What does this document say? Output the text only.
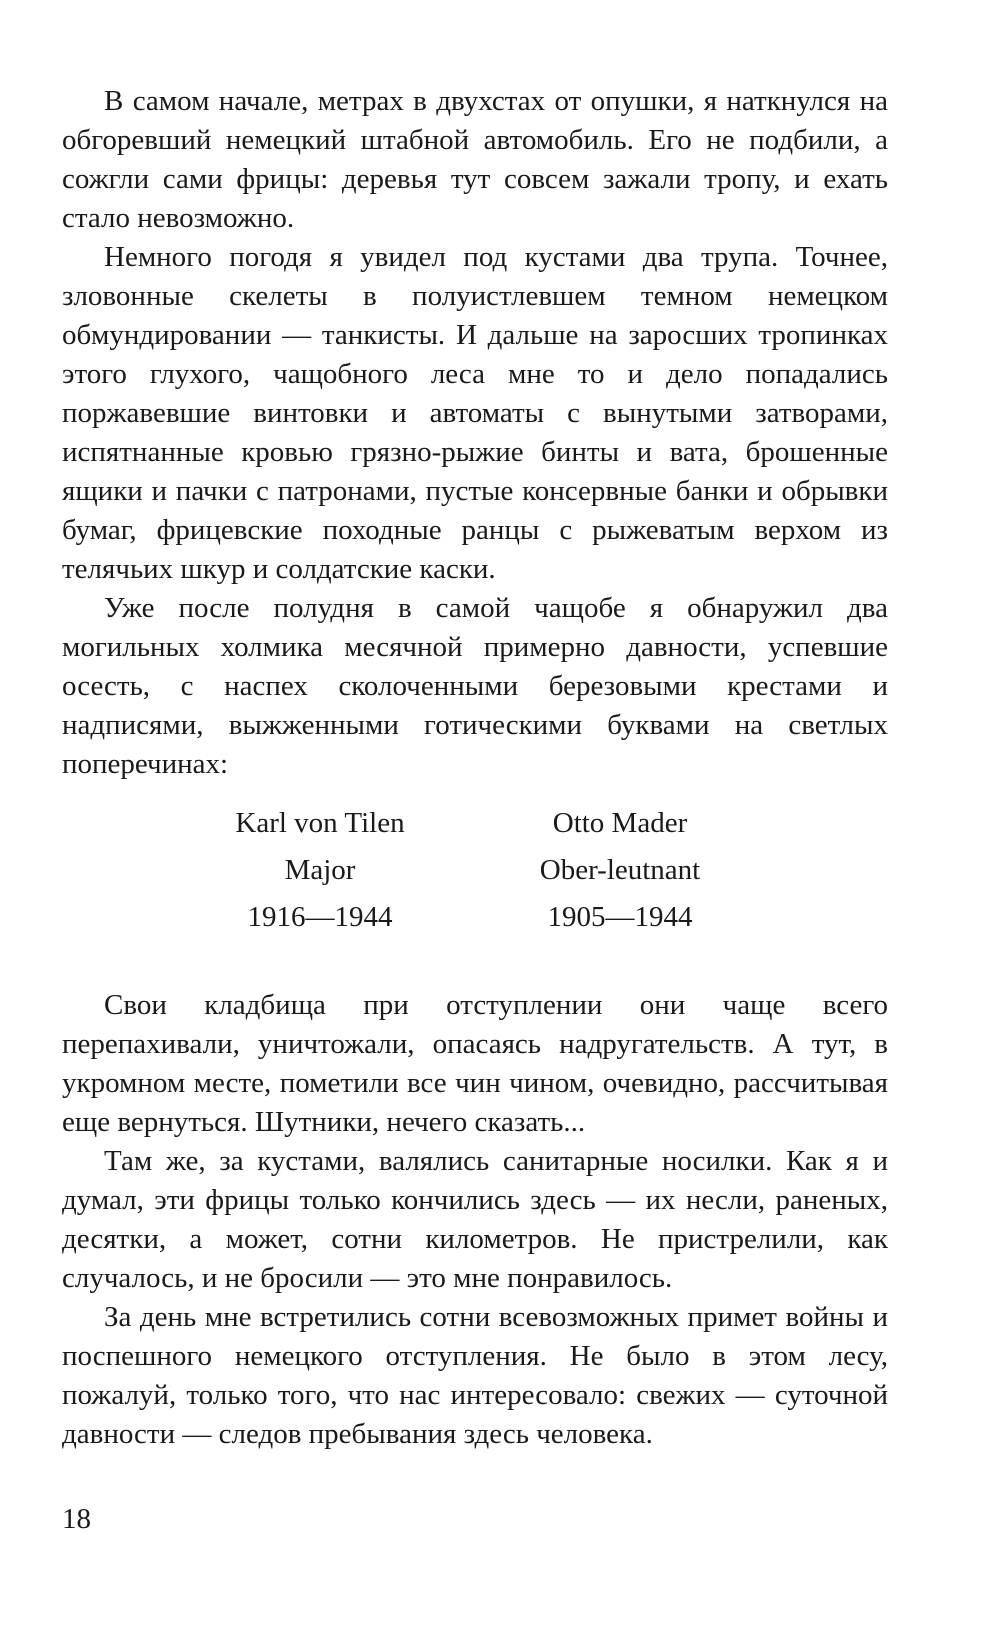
В самом начале, метрах в двухстах от опушки, я наткнулся на обгоревший немецкий штабной автомобиль. Его не подбили, а сожгли сами фрицы: деревья тут совсем зажали тропу, и ехать стало невозможно.

Немного погодя я увидел под кустами два трупа. Точнее, зловонные скелеты в полуистлевшем темном немецком обмундировании — танкисты. И дальше на заросших тропинках этого глухого, чащобного леса мне то и дело попадались поржавевшие винтовки и автоматы с вынутыми затворами, испятнанные кровью грязно-рыжие бинты и вата, брошенные ящики и пачки с патронами, пустые консервные банки и обрывки бумаг, фрицевские походные ранцы с рыжеватым верхом из телячьих шкур и солдатские каски.

Уже после полудня в самой чащобе я обнаружил два могильных холмика месячной примерно давности, успевшие осесть, с наспех сколоченными березовыми крестами и надписями, выжженными готическими буквами на светлых поперечинах:

Karl von Tilen
Major
1916—1944
Otto Mader
Ober-leutnant
1905—1944

Свои кладбища при отступлении они чаще всего перепахивали, уничтожали, опасаясь надругательств. А тут, в укромном месте, пометили все чин чином, очевидно, рассчитывая еще вернуться. Шутники, нечего сказать...

Там же, за кустами, валялись санитарные носилки. Как я и думал, эти фрицы только кончились здесь — их несли, раненых, десятки, а может, сотни километров. Не пристрелили, как случалось, и не бросили — это мне понравилось.

За день мне встретились сотни всевозможных примет войны и поспешного немецкого отступления. Не было в этом лесу, пожалуй, только того, что нас интересовало: свежих — суточной давности — следов пребывания здесь человека.

18
